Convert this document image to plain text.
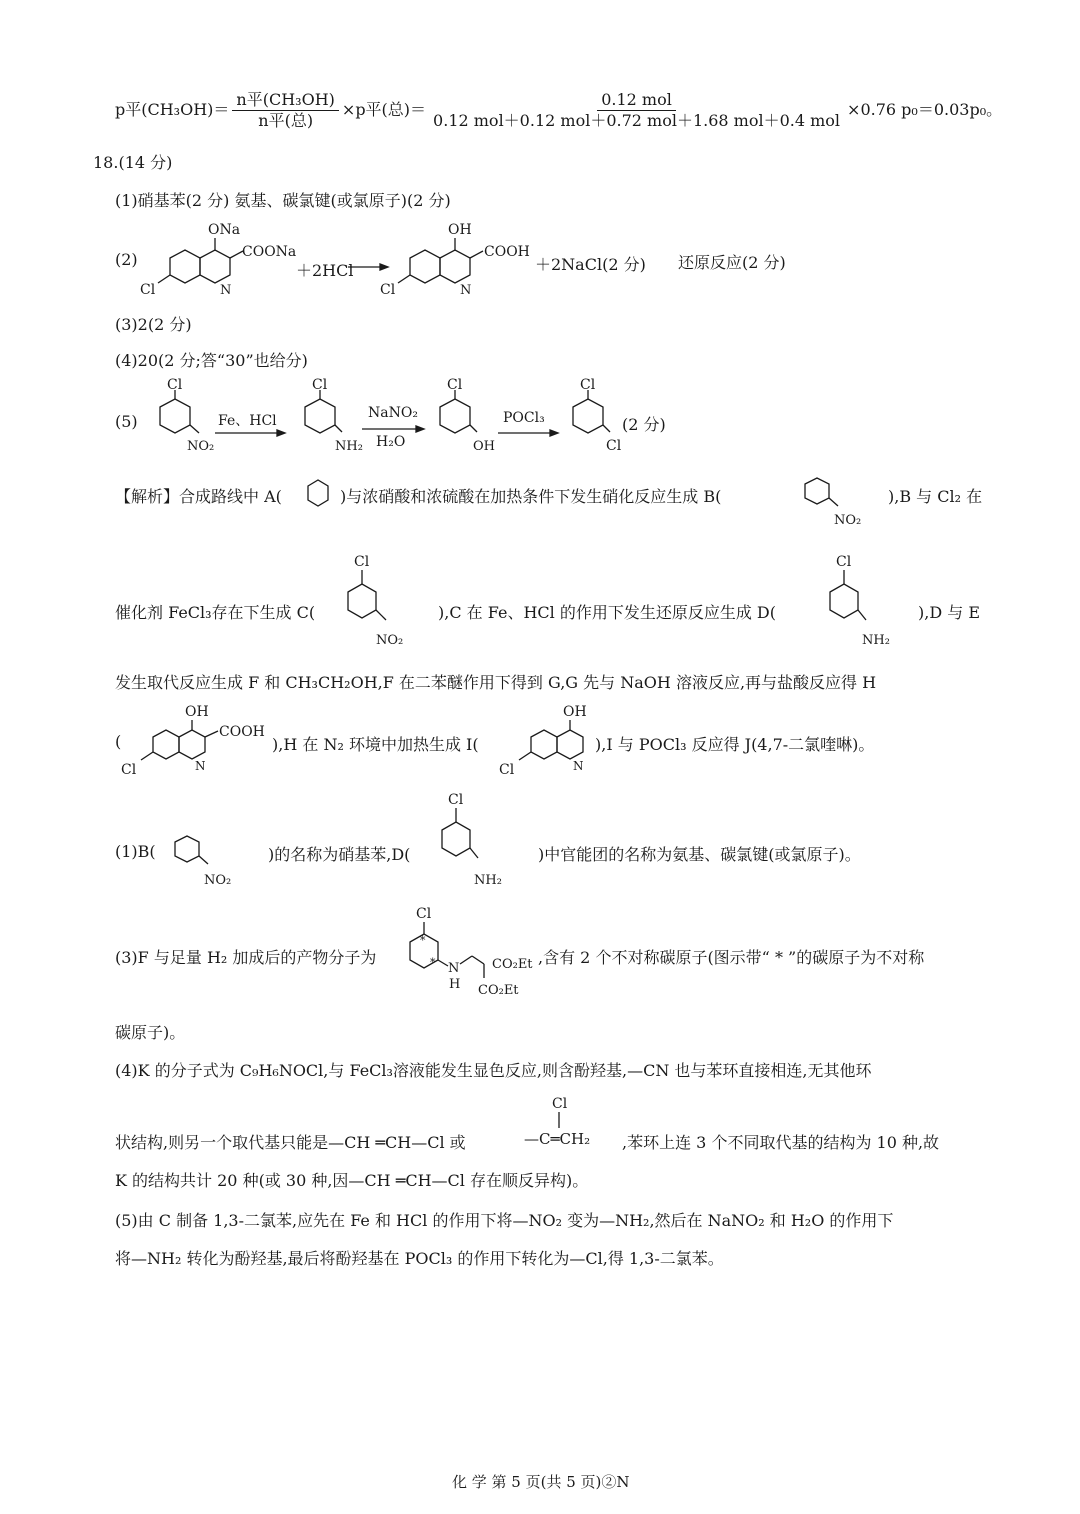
p平$(CH_3OH)= \frac{\text{n平(CH₃OH)}}{\text{n平(总)}} \times p$平(总)＝ $\frac{\text{0.12 mol}}{\text{0.12 mol＋0.12 mol＋0.72 mol＋1.68 mol＋0.4 mol}} \times 0.76$ p₀＝0.03p₀。
18.(14 分)
(1)硝基苯(2 分) 氨基、碳氯键(或氯原子)(2 分)
(2)
ONa
COONa
Cl	N
＋2HCl
OH
COOH
Cl	N
＋2NaCl(2 分) 还原反应(2 分)
(3)2(2 分)
(4)20(2 分;答“30”也给分)
(5)
Cl
NO₂
Fe、HCl
Cl
NH₂
NaNO₂
H₂O
Cl
OH
POCl₃
Cl
Cl
(2 分)
【解析】合成路线中 A(	)与浓硝酸和浓硫酸在加热条件下发生硝化反应生成 B(
NO₂
),B 与 Cl₂ 在
催化剂 FeCl₃存在下生成 C(
Cl
NO₂
),C 在 Fe、HCl 的作用下发生还原反应生成 D(
Cl
NH₂
),D 与 E
发生取代反应生成 F 和 CH₃CH₂OH,F 在二苯醚作用下得到 G,G 先与 NaOH 溶液反应,再与盐酸反应得 H
(
OH
COOH
Cl	N
),H 在 N₂ 环境中加热生成 I(
OH
Cl	N
),I 与 POCl₃ 反应得 J(4,7-二氯喹啉)。
(1)B(
NO₂
)的名称为硝基苯,D(
Cl
NH₂
)中官能团的名称为氨基、碳氯键(或氯原子)。
(3)F 与足量 H₂ 加成后的产物分子为
Cl
*
* N
H
CO₂Et
CO₂Et
,含有 2 个不对称碳原子(图示带“ * ”的碳原子为不对称
碳原子)。
(4)K 的分子式为 C₉H₆NOCl,与 FeCl₃溶液能发生显色反应,则含酚羟基,—CN 也与苯环直接相连,无其他环
状结构,则另一个取代基只能是—CH ═CH—Cl 或
Cl
—C═CH₂ ,苯环上连 3 个不同取代基的结构为 10 种,故
K 的结构共计 20 种(或 30 种,因—CH ═CH—Cl 存在顺反异构)。
(5)由 C 制备 1,3-二氯苯,应先在 Fe 和 HCl 的作用下将—NO₂ 变为—NH₂,然后在 NaNO₂ 和 H₂O 的作用下
将—NH₂ 转化为酚羟基,最后将酚羟基在 POCl₃ 的作用下转化为—Cl,得 1,3-二氯苯。
化 学 第 5 页(共 5 页)②N
